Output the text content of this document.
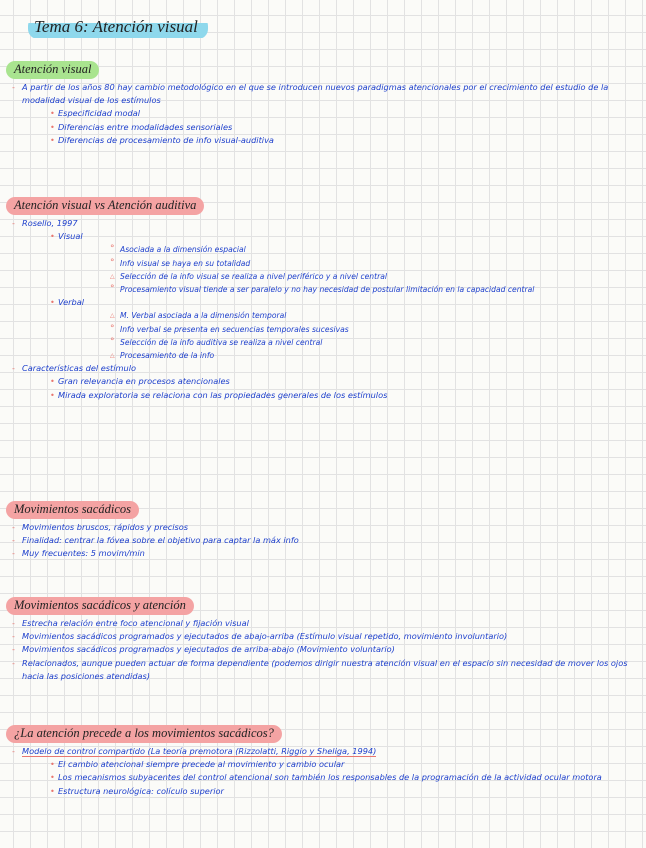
Tema 6: Atención visual
Atención visual
- A partir de los años 80 hay cambio metodológico en el que se introducen nuevos paradigmas atencionales por el crecimiento del estudio de la modalidad visual de los estímulos
• Especificidad modal
• Diferencias entre modalidades sensoriales
• Diferencias de procesamiento de info visual-auditiva
Atención visual vs Atención auditiva
- Rosello, 1997
• Visual
° Asociada a la dimensión espacial
° Info visual se haya en su totalidad
△ Selección de la info visual se realiza a nivel periférico y a nivel central
° Procesamiento visual tiende a ser paralelo y no hay necesidad de postular limitación en la capacidad central
• Verbal
△ M. Verbal asociada a la dimensión temporal
° Info verbal se presenta en secuencias temporales sucesivas
° Selección de la info auditiva se realiza a nivel central
△ Procesamiento de la info
- Características del estímulo
• Gran relevancia en procesos atencionales
• Mirada exploratoria se relaciona con las propiedades generales de los estímulos
Movimientos sacádicos
- Movimientos bruscos, rápidos y precisos
- Finalidad: centrar la fóvea sobre el objetivo para captar la máx info
- Muy frecuentes: 5 movim/min
Movimientos sacádicos y atención
- Estrecha relación entre foco atencional y fijación visual
- Movimientos sacádicos programados y ejecutados de abajo-arriba (Estímulo visual repetido, movimiento involuntario)
- Movimientos sacádicos programados y ejecutados de arriba-abajo (Movimiento voluntario)
- Relacionados, aunque pueden actuar de forma dependiente (podemos dirigir nuestra atención visual en el espacio sin necesidad de mover los ojos hacia las posiciones atendidas)
¿La atención precede a los movimientos sacádicos?
- Modelo de control compartido (La teoría premotora (Rizzolatti, Riggio y Sheliga, 1994)
• El cambio atencional siempre precede al movimiento y cambio ocular
• Los mecanismos subyacentes del control atencional son también los responsables de la programación de la actividad ocular motora
• Estructura neurológica: colículo superior
